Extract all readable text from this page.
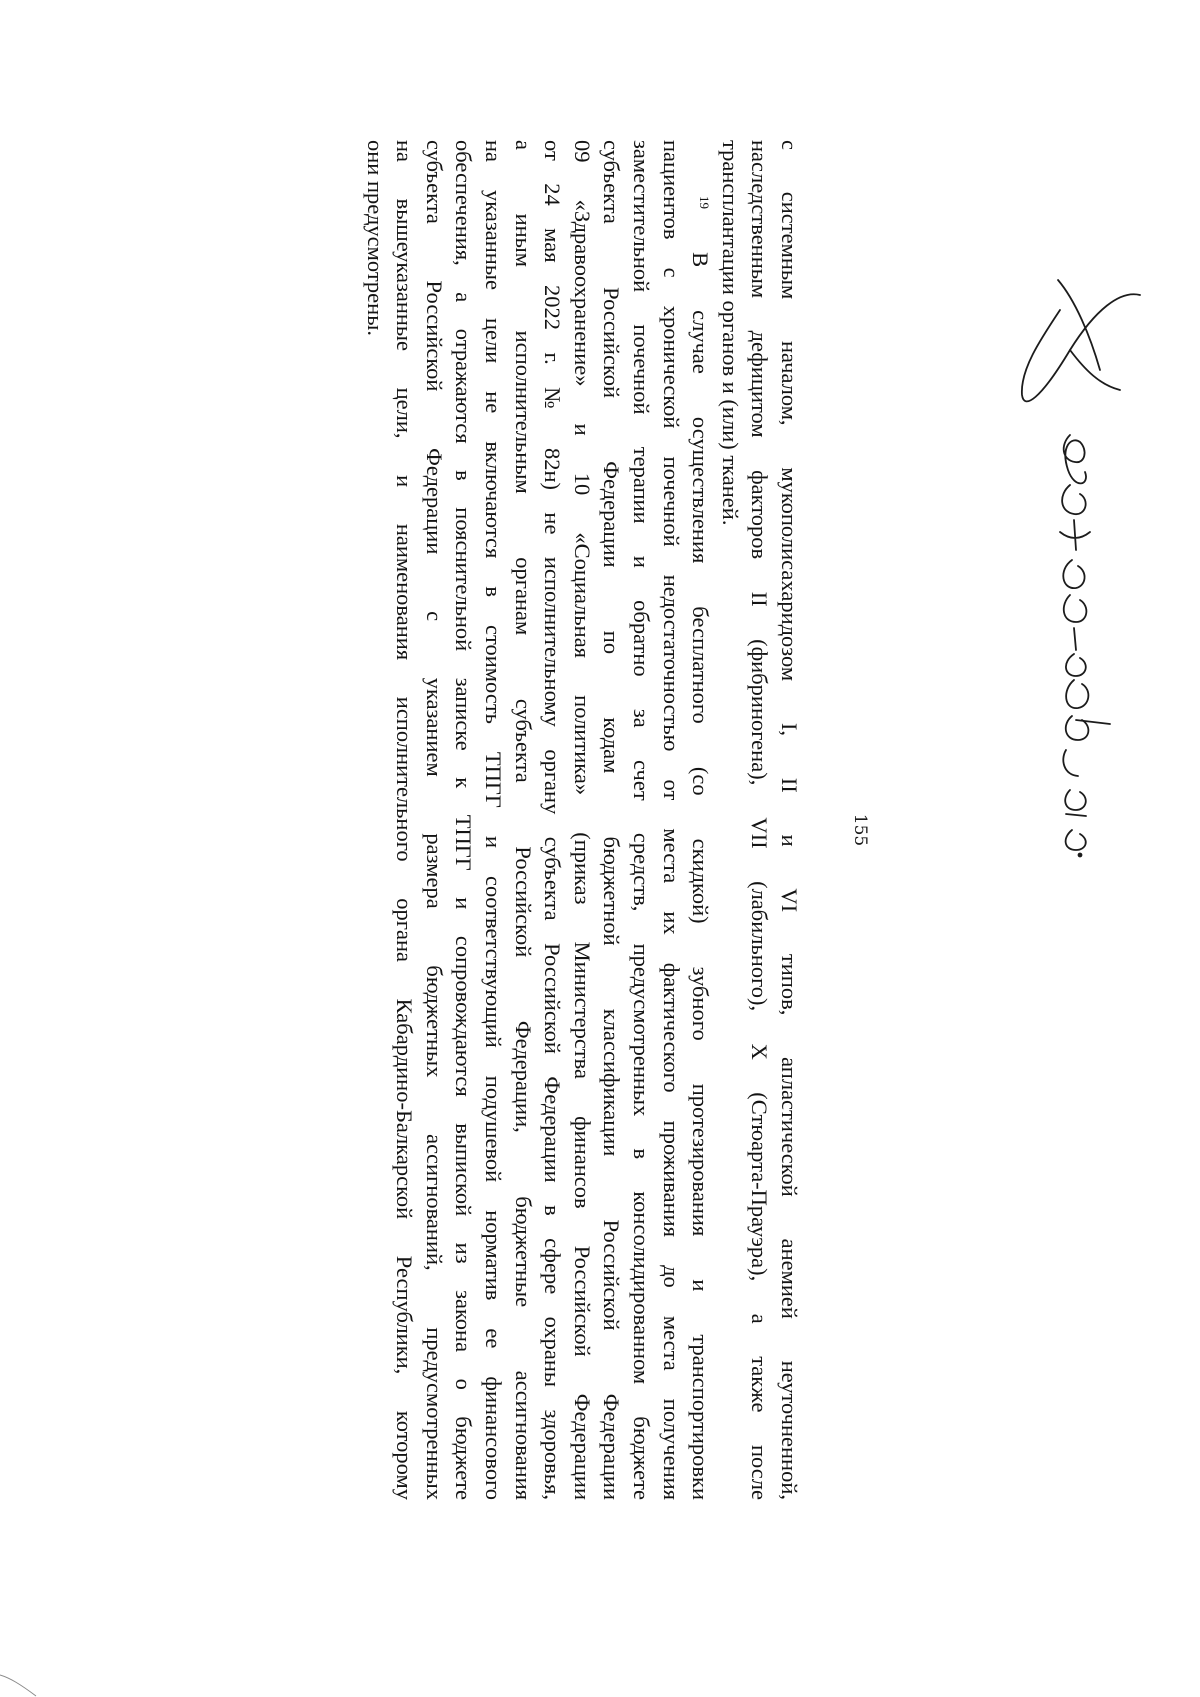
155
с системным началом, мукополисахаридозом I, II и VI типов, апластической анемией неуточненной,
наследственным дефицитом факторов II (фибриногена), VII (лабильного), X (Стюарта-Прауэра), а также после
трансплантации органов и (или) тканей.
$^{19}$ В случае осуществления бесплатного (со скидкой) зубного протезирования и транспортировки
пациентов с хронической почечной недостаточностью от места их фактического проживания до места получения
заместительной почечной терапии и обратно за счет средств, предусмотренных в консолидированном бюджете
субъекта Российской Федерации по кодам бюджетной классификации Российской Федерации
09 «Здравоохранение» и 10 «Социальная политика» (приказ Министерства финансов Российской Федерации
от 24 мая 2022 г. № 82н) не исполнительному органу субъекта Российской Федерации в сфере охраны здоровья,
а иным исполнительным органам субъекта Российской Федерации, бюджетные ассигнования
на указанные цели не включаются в стоимость ТПГГ и соответствующий подушевой норматив ее финансового
обеспечения, а отражаются в пояснительной записке к ТПГГ и сопровождаются выпиской из закона о бюджете
субъекта Российской Федерации с указанием размера бюджетных ассигнований, предусмотренных
на вышеуказанные цели, и наименования исполнительного органа Кабардино-Балкарской Республики, которому
они предусмотрены.
